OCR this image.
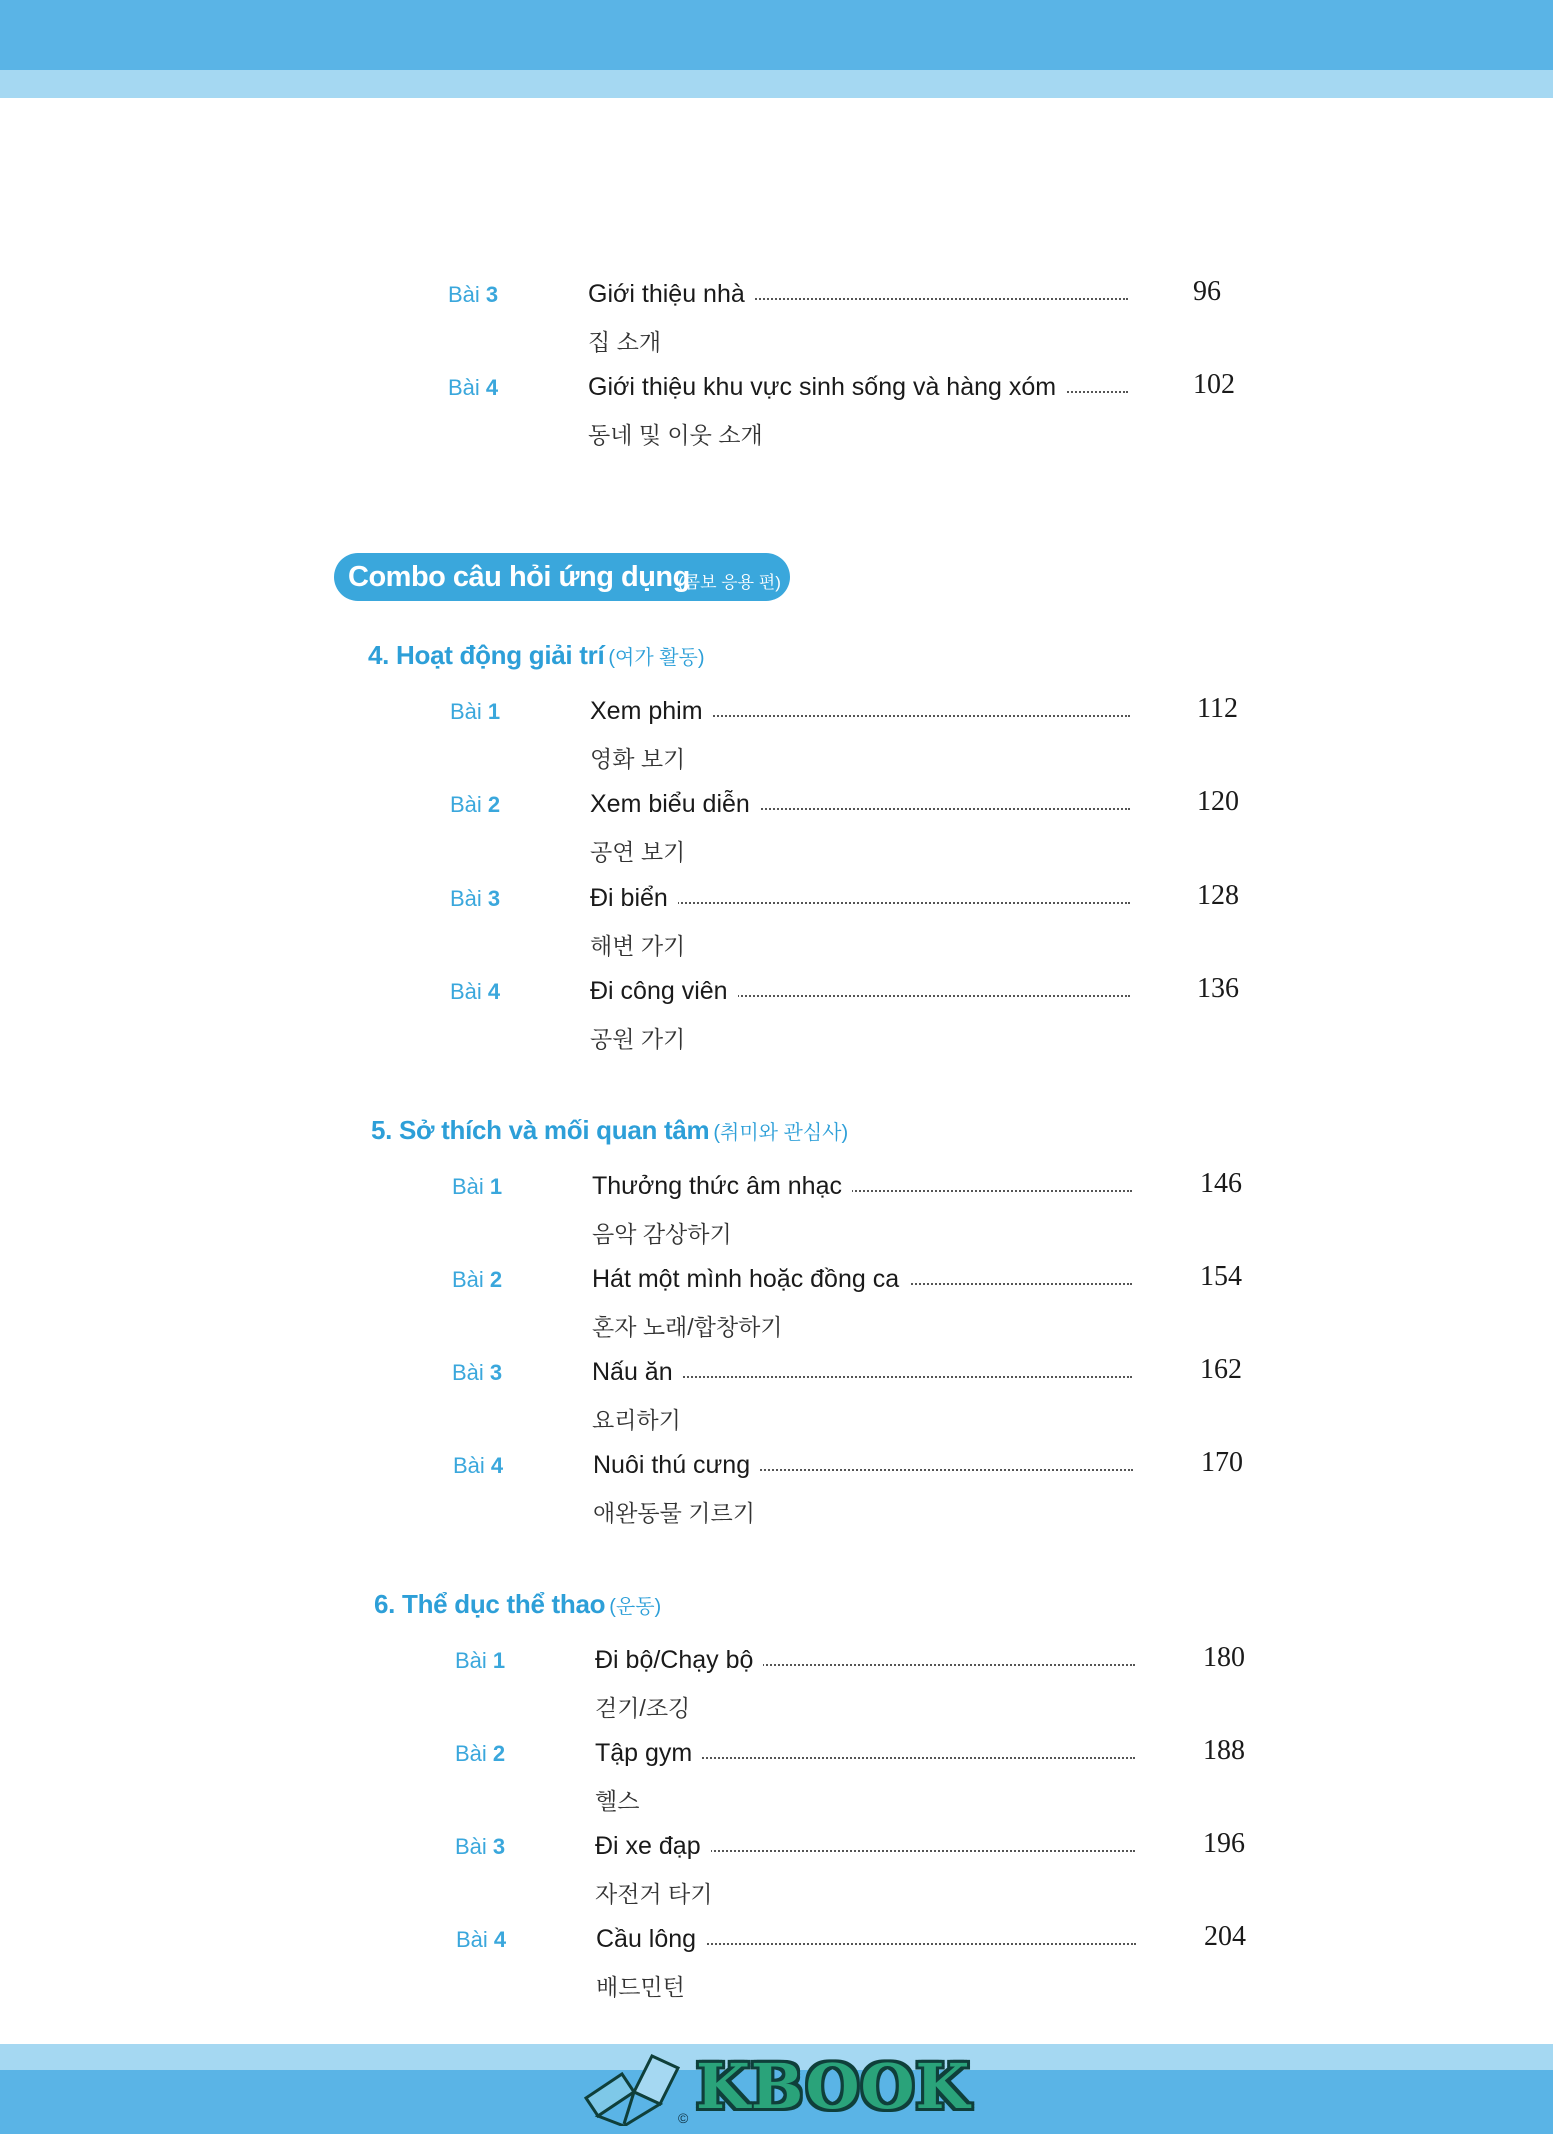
Bài 3	Giới thiệu nhà	96
집 소개
Bài 4	Giới thiệu khu vực sinh sống và hàng xóm	102
동네 및 이웃 소개
Combo câu hỏi ứng dụng
(콤보 응용 편)
4. Hoạt động giải trí (여가 활동)
Bài 1	Xem phim	112
영화 보기
Bài 2	Xem biểu diễn	120
공연 보기
Bài 3	Đi biển	128
해변 가기
Bài 4	Đi công viên	136
공원 가기
5. Sở thích và mối quan tâm (취미와 관심사)
Bài 1	Thưởng thức âm nhạc	146
음악 감상하기
Bài 2	Hát một mình hoặc đồng ca	154
혼자 노래/합창하기
Bài 3	Nấu ăn	162
요리하기
Bài 4	Nuôi thú cưng	170
애완동물 기르기
6. Thể dục thể thao (운동)
Bài 1	Đi bộ/Chạy bộ	180
걷기/조깅
Bài 2	Tập gym	188
헬스
Bài 3	Đi xe đạp	196
자전거 타기
Bài 4	Cầu lông	204
배드민턴
KBOOK
©
